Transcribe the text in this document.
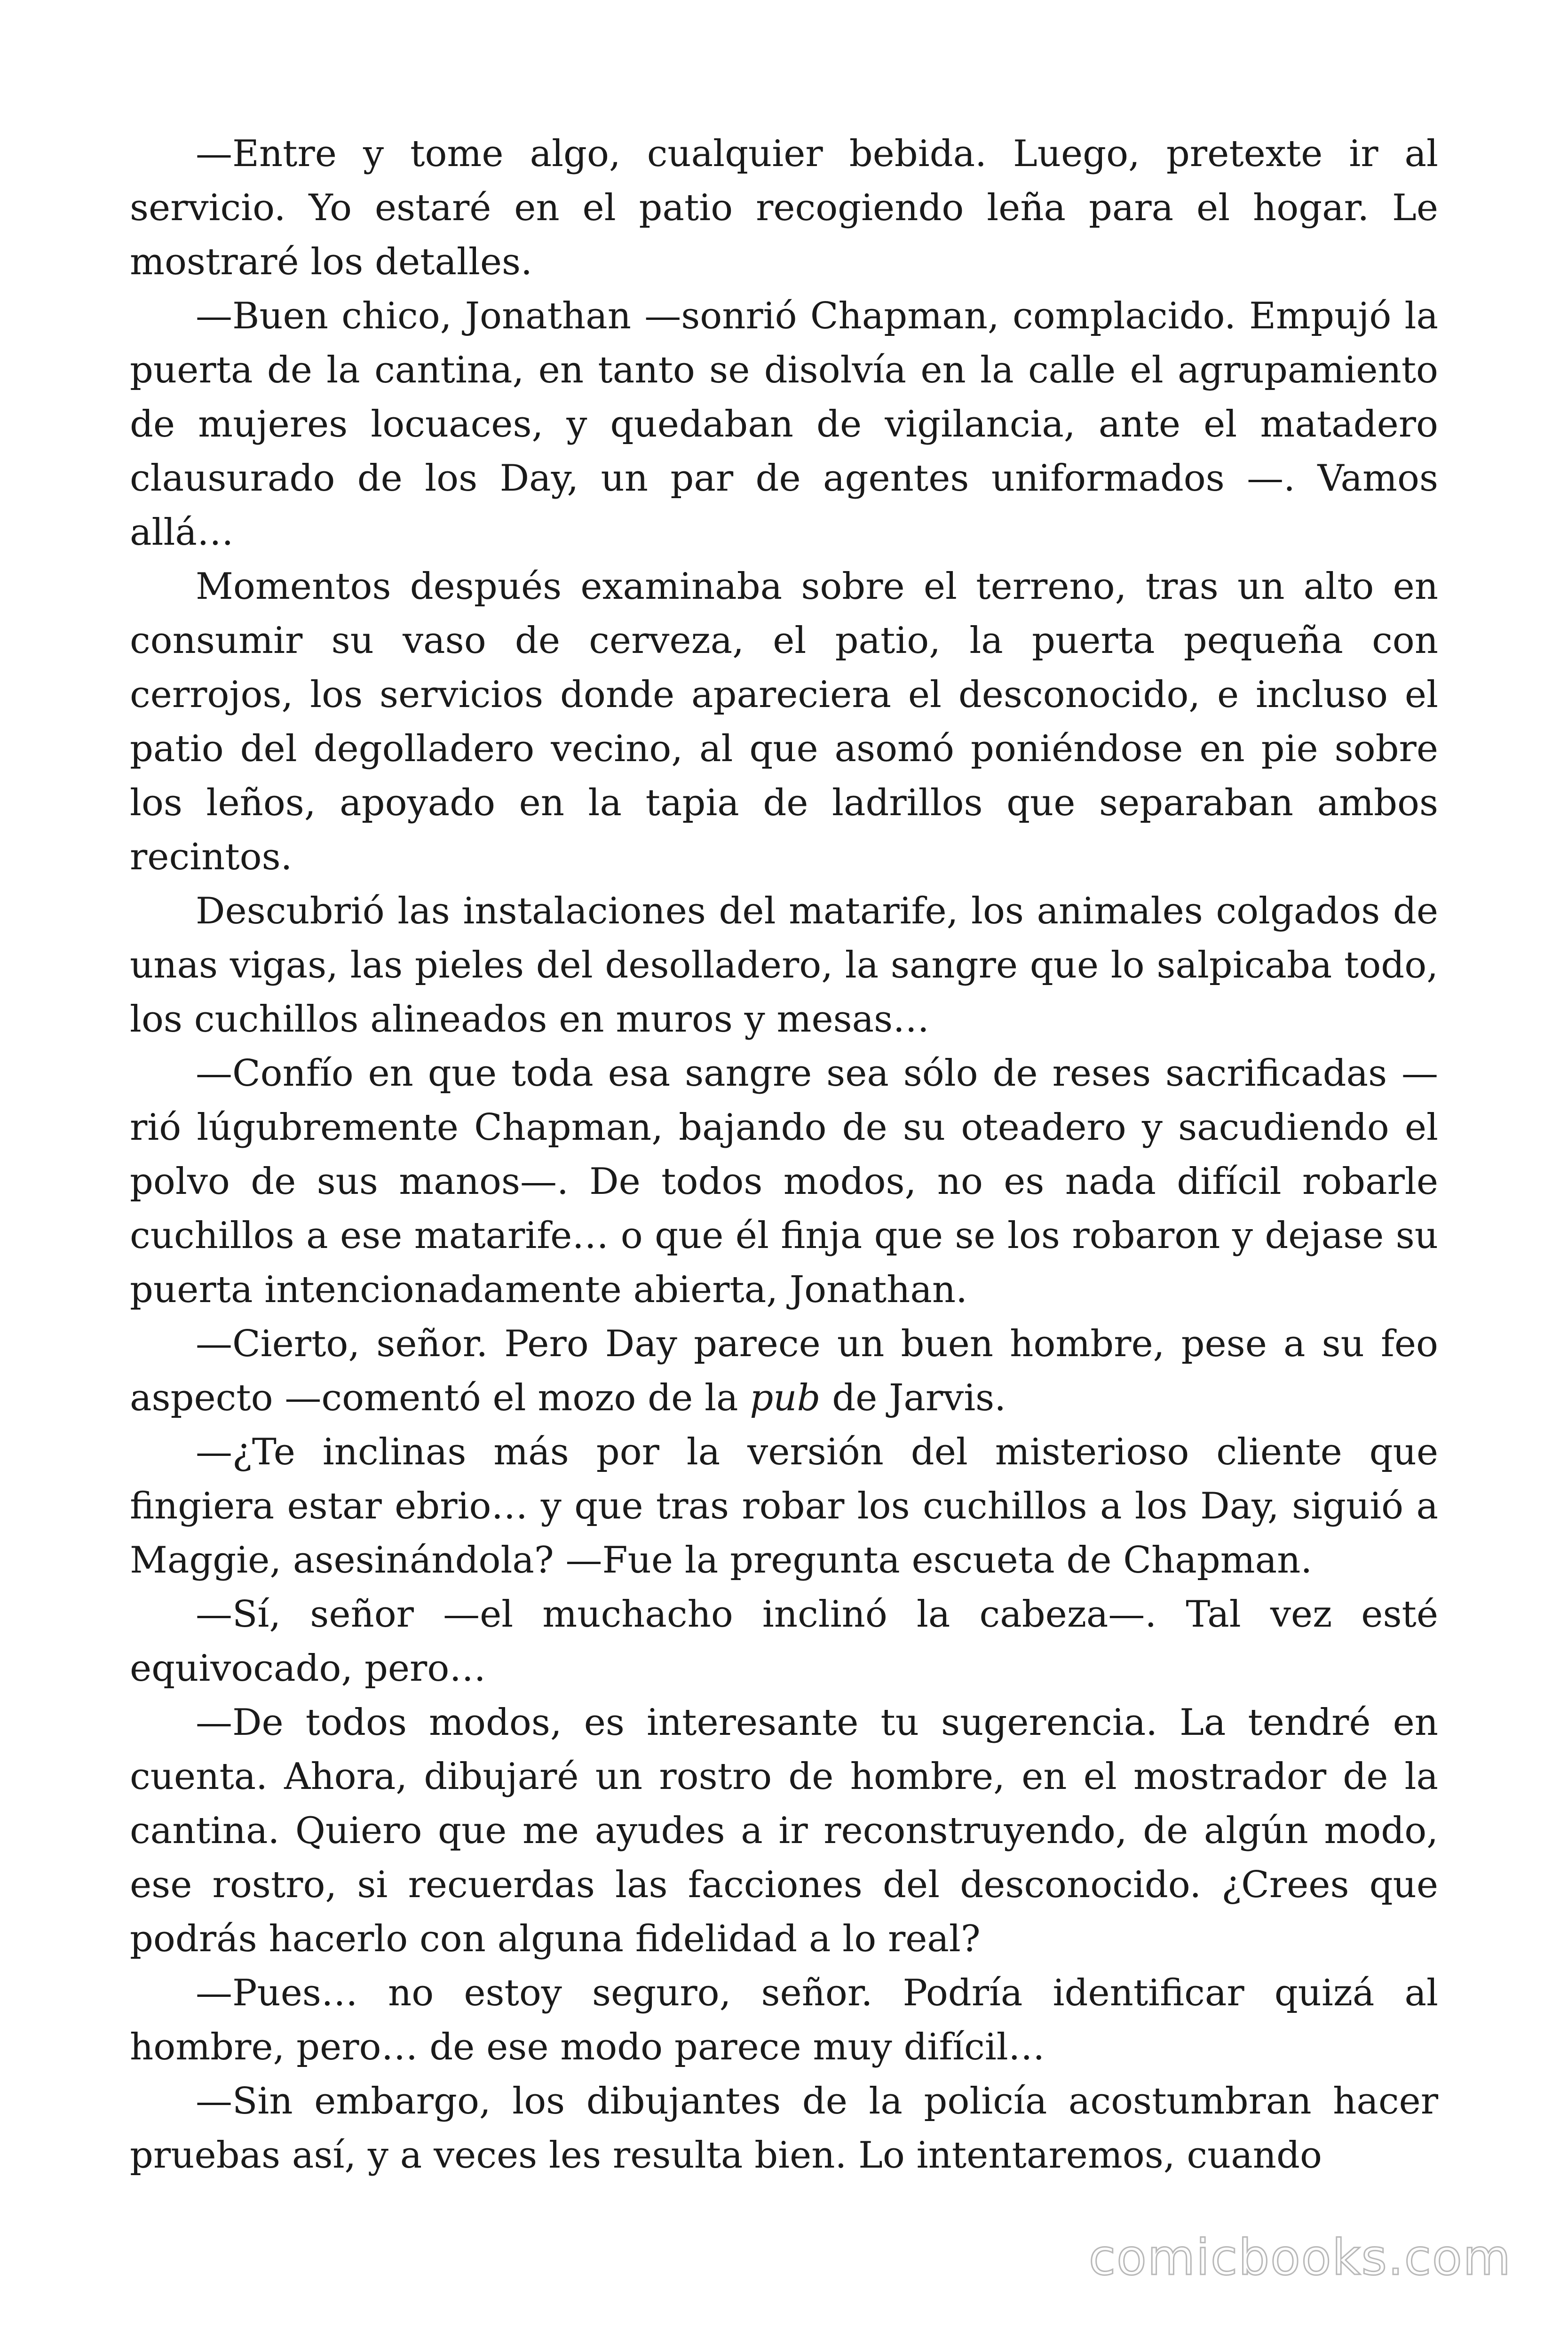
—Entre y tome algo, cualquier bebida. Luego, pretexte ir al servicio. Yo estaré en el patio recogiendo leña para el hogar. Le mostraré los detalles.

—Buen chico, Jonathan —sonrió Chapman, complacido. Empujó la puerta de la cantina, en tanto se disolvía en la calle el agrupamiento de mujeres locuaces, y quedaban de vigilancia, ante el matadero clausurado de los Day, un par de agentes uniformados —. Vamos allá…

Momentos después examinaba sobre el terreno, tras un alto en consumir su vaso de cerveza, el patio, la puerta pequeña con cerrojos, los servicios donde apareciera el desconocido, e incluso el patio del degolladero vecino, al que asomó poniéndose en pie sobre los leños, apoyado en la tapia de ladrillos que separaban ambos recintos.

Descubrió las instalaciones del matarife, los animales colgados de unas vigas, las pieles del desolladero, la sangre que lo salpicaba todo, los cuchillos alineados en muros y mesas…

—Confío en que toda esa sangre sea sólo de reses sacrificadas — rió lúgubremente Chapman, bajando de su oteadero y sacudiendo el polvo de sus manos—. De todos modos, no es nada difícil robarle cuchillos a ese matarife… o que él finja que se los robaron y dejase su puerta intencionadamente abierta, Jonathan.

—Cierto, señor. Pero Day parece un buen hombre, pese a su feo aspecto —comentó el mozo de la pub de Jarvis.

—¿Te inclinas más por la versión del misterioso cliente que fingiera estar ebrio… y que tras robar los cuchillos a los Day, siguió a Maggie, asesinándola? —Fue la pregunta escueta de Chapman.

—Sí, señor —el muchacho inclinó la cabeza—. Tal vez esté equivocado, pero…

—De todos modos, es interesante tu sugerencia. La tendré en cuenta. Ahora, dibujaré un rostro de hombre, en el mostrador de la cantina. Quiero que me ayudes a ir reconstruyendo, de algún modo, ese rostro, si recuerdas las facciones del desconocido. ¿Crees que podrás hacerlo con alguna fidelidad a lo real?

—Pues… no estoy seguro, señor. Podría identificar quizá al hombre, pero… de ese modo parece muy difícil…

—Sin embargo, los dibujantes de la policía acostumbran hacer pruebas así, y a veces les resulta bien. Lo intentaremos, cuando

comicbooks.com
